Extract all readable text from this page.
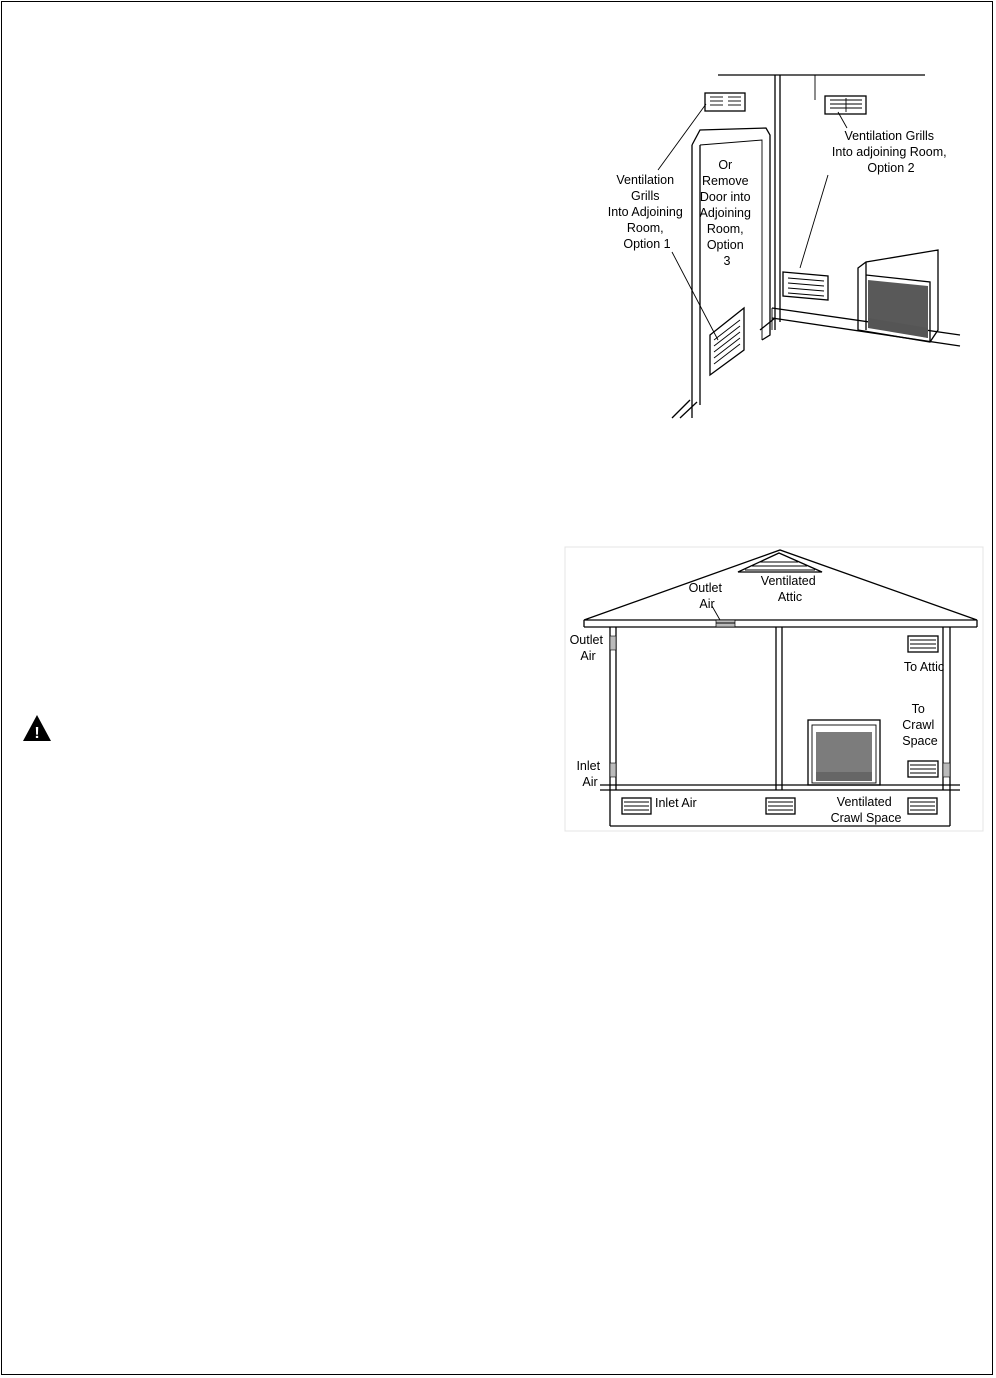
Ventilation Grills Into Adjoining Room, Option 1
Or Remove Door into Adjoining Room, Option 3
Ventilation Grills Into adjoining Room, Option 2
Outlet Air
Ventilated Attic
Outlet Air
To Attic
To Crawl Space
Inlet Air
Inlet Air	Ventilated Crawl Space
!
